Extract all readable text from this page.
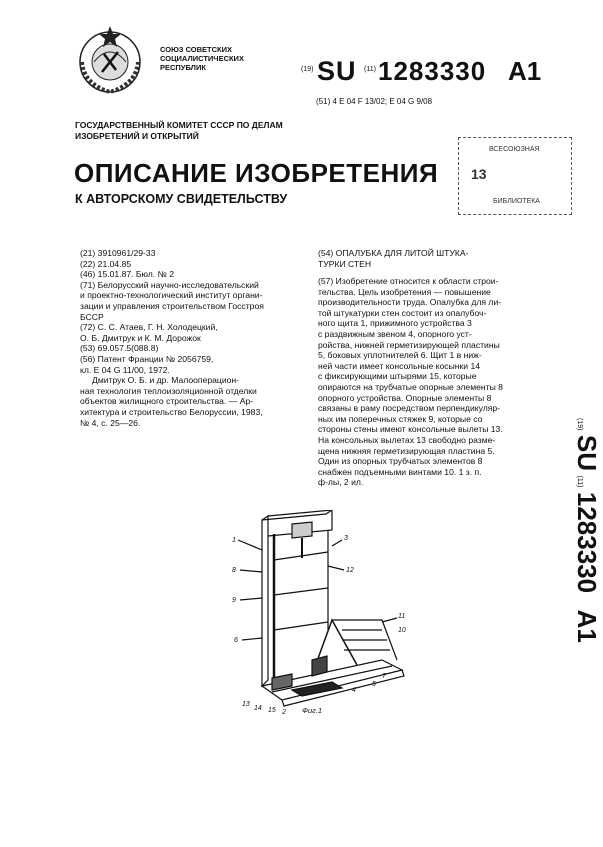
СОЮЗ СОВЕТСКИХ СОЦИАЛИСТИЧЕСКИХ РЕСПУБЛИК	(19) SU (11) 1283330 А1
(51) 4 E 04 F 13/02; E 04 G 9/08
ГОСУДАРСТВЕННЫЙ КОМИТЕТ СССР ПО ДЕЛАМ ИЗОБРЕТЕНИЙ И ОТКРЫТИЙ
ОПИСАНИЕ ИЗОБРЕТЕНИЯ
К АВТОРСКОМУ СВИДЕТЕЛЬСТВУ
ВСЕСОЮЗНАЯ
13
БИБЛИОТЕКА
(21) 3910961/29-33
(22) 21.04.85
(46) 15.01.87. Бюл. № 2
(71) Белорусский научно-исследовательский
и проектно-технологический институт органи-
зации и управления строительством Госстроя
БССР
(72) С. С. Атаев, Г. Н. Холодецкий,
О. Б. Дмитрук и К. М. Дорожок
(53) 69.057.5(088.8)
(56) Патент Франции № 2056759,
кл. E 04 G 11/00, 1972.
Дмитрук О. Б. и др. Малооперацион-
ная технология теплоизоляционной отделки
объектов жилищного строительства. — Ар-
хитектура и строительство Белоруссии, 1983,
№ 4, с. 25—26.
(54) ОПАЛУБКА ДЛЯ ЛИТОЙ ШТУКА-
ТУРКИ СТЕН
(57) Изобретение относится к области строи-
тельства. Цель изобретения — повышение
производительности труда. Опалубка для ли-
той штукатурки стен состоит из опалубоч-
ного щита 1, прижимного устройства 3
с раздвижным звеном 4, опорного уст-
ройства, нижней герметизирующей пластины
5, боковых уплотнителей 6. Щит 1 в ниж-
ней части имеет консольные косынки 14
с фиксирующими штырями 15, которые
опираются на трубчатые опорные элементы 8
опорного устройства. Опорные элементы 8
связаны в раму посредством перпендикуляр-
ных им поперечных стяжек 9, которые со
стороны стены имеют консольные вылеты 13.
На консольных вылетах 13 свободно разме-
щена нижняя герметизирующая пластина 5.
Один из опорных трубчатых элементов 8
снабжен подъемными винтами 10. 1 з. п.
ф-лы, 2 ил.
(19) SU (11) 1283330 А1
1
8
9
6
3
12
11
10
13
14 15 2
4
5
7
Фиг.1
